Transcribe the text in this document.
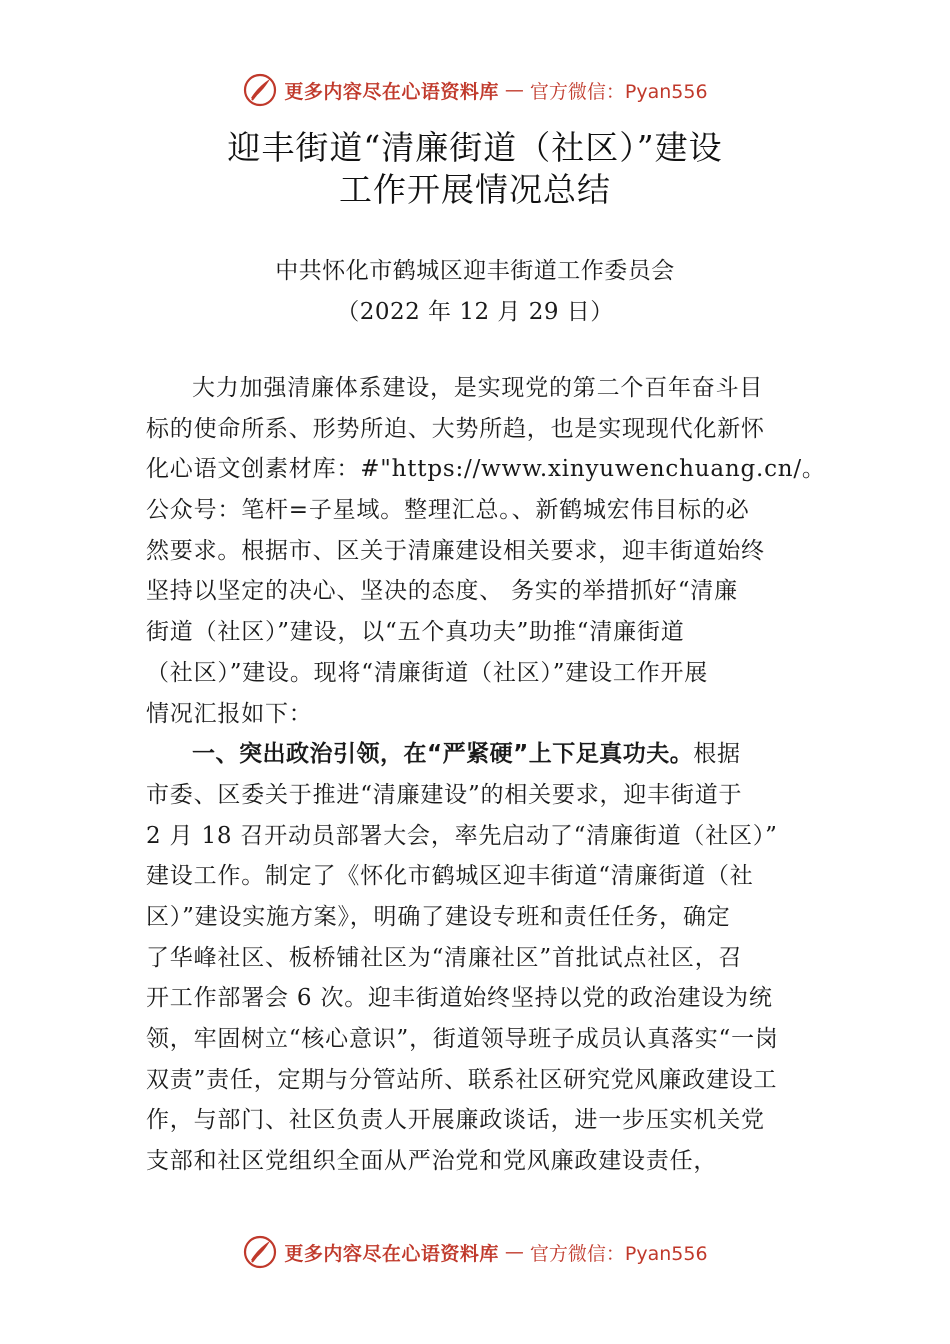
更多内容尽在心语资料库 — 官方微信：Pyan556
迎丰街道“清廉街道（社区）”建设
工作开展情况总结
中共怀化市鹤城区迎丰街道工作委员会
（2022 年 12 月 29 日）
大力加强清廉体系建设，是实现党的第二个百年奋斗目
标的使命所系、形势所迫、大势所趋，也是实现现代化新怀
化心语文创素材库：#"https://www.xinyuwenchuang.cn/。
公众号：笔杆=子星域。整理汇总。、新鹤城宏伟目标的必
然要求。根据市、区关于清廉建设相关要求，迎丰街道始终
坚持以坚定的决心、坚决的态度、 务实的举措抓好“清廉
街道（社区）”建设，以“五个真功夫”助推“清廉街道
（社区）”建设。现将“清廉街道（社区）”建设工作开展
情况汇报如下：
一、突出政治引领，在“严紧硬”上下足真功夫。根据
市委、区委关于推进“清廉建设”的相关要求，迎丰街道于
2 月 18 召开动员部署大会，率先启动了“清廉街道（社区）”
建设工作。制定了《怀化市鹤城区迎丰街道“清廉街道（社
区）”建设实施方案》，明确了建设专班和责任任务，确定
了华峰社区、板桥铺社区为“清廉社区”首批试点社区，召
开工作部署会 6 次。迎丰街道始终坚持以党的政治建设为统
领，牢固树立“核心意识”，街道领导班子成员认真落实“一岗
双责”责任，定期与分管站所、联系社区研究党风廉政建设工
作，与部门、社区负责人开展廉政谈话，进一步压实机关党
支部和社区党组织全面从严治党和党风廉政建设责任，
更多内容尽在心语资料库 — 官方微信：Pyan556
